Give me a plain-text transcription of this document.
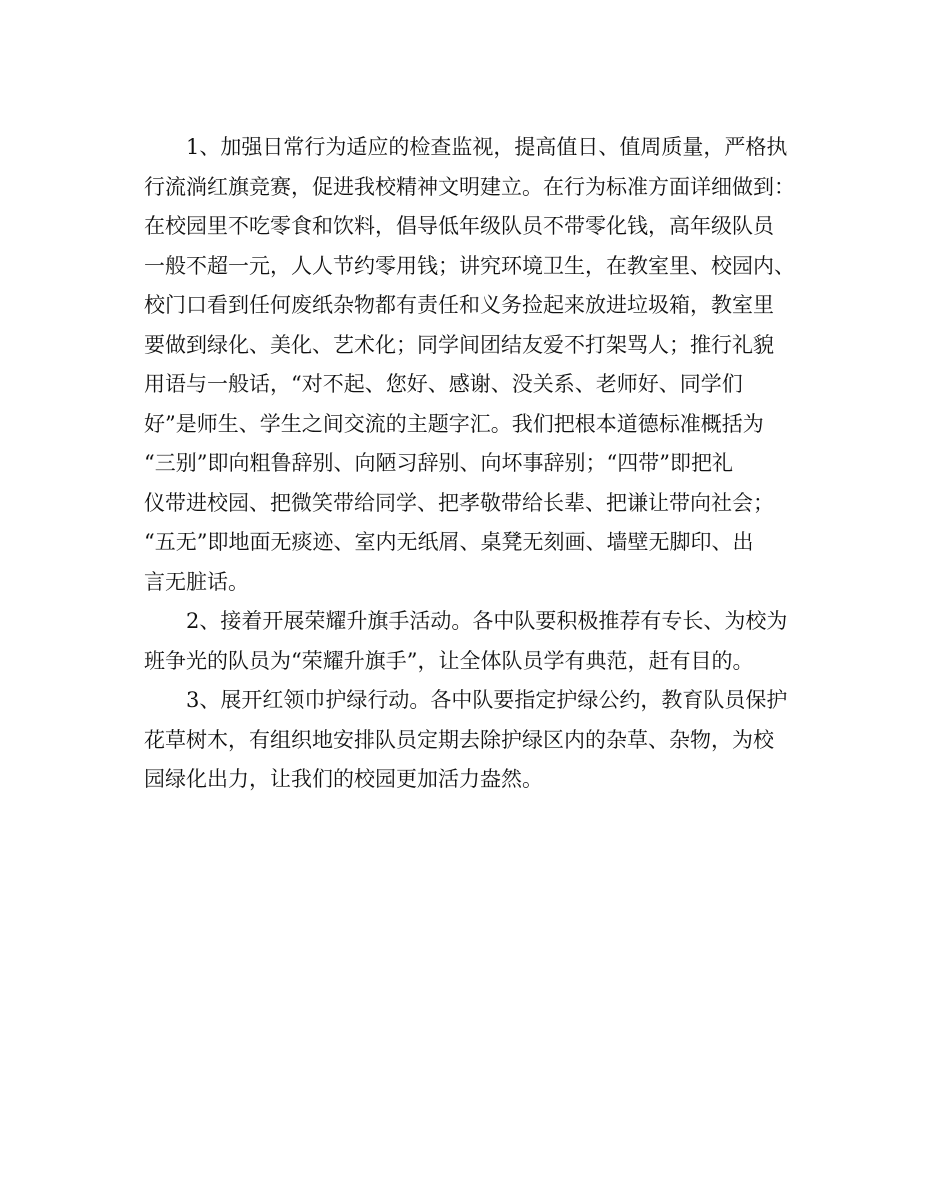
1、加强日常行为适应的检查监视，提高值日、值周质量，严格执
行流淌红旗竞赛，促进我校精神文明建立。在行为标准方面详细做到：
在校园里不吃零食和饮料，倡导低年级队员不带零化钱，高年级队员
一般不超一元，人人节约零用钱；讲究环境卫生，在教室里、校园内、
校门口看到任何废纸杂物都有责任和义务捡起来放进垃圾箱，教室里
要做到绿化、美化、艺术化；同学间团结友爱不打架骂人；推行礼貌
用语与一般话，“对不起、您好、感谢、没关系、老师好、同学们
好”是师生、学生之间交流的主题字汇。我们把根本道德标准概括为
“三别”即向粗鲁辞别、向陋习辞别、向坏事辞别；“四带”即把礼
仪带进校园、把微笑带给同学、把孝敬带给长辈、把谦让带向社会；
“五无”即地面无痰迹、室内无纸屑、桌凳无刻画、墙壁无脚印、出
言无脏话。
2、接着开展荣耀升旗手活动。各中队要积极推荐有专长、为校为
班争光的队员为“荣耀升旗手”，让全体队员学有典范，赶有目的。
3、展开红领巾护绿行动。各中队要指定护绿公约，教育队员保护
花草树木，有组织地安排队员定期去除护绿区内的杂草、杂物，为校
园绿化出力，让我们的校园更加活力盎然。
